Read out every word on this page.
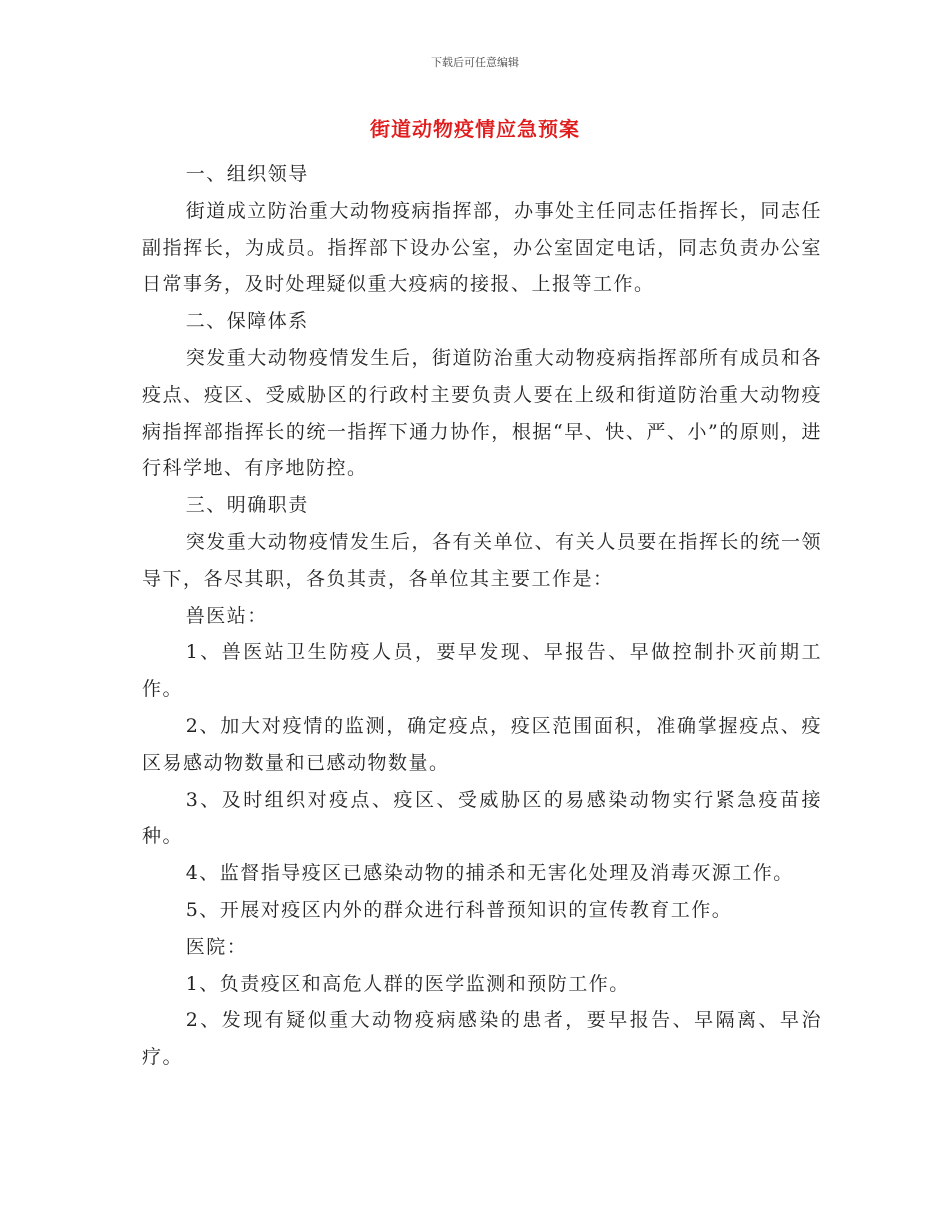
下载后可任意编辑
街道动物疫情应急预案

一、组织领导

街道成立防治重大动物疫病指挥部，办事处主任同志任指挥长，同志任副指挥长，为成员。指挥部下设办公室，办公室固定电话，同志负责办公室日常事务，及时处理疑似重大疫病的接报、上报等工作。

二、保障体系

突发重大动物疫情发生后，街道防治重大动物疫病指挥部所有成员和各疫点、疫区、受威胁区的行政村主要负责人要在上级和街道防治重大动物疫病指挥部指挥长的统一指挥下通力协作，根据“早、快、严、小”的原则，进行科学地、有序地防控。

三、明确职责

突发重大动物疫情发生后，各有关单位、有关人员要在指挥长的统一领导下，各尽其职，各负其责，各单位其主要工作是：

兽医站：

1、兽医站卫生防疫人员，要早发现、早报告、早做控制扑灭前期工作。

2、加大对疫情的监测，确定疫点，疫区范围面积，准确掌握疫点、疫区易感动物数量和已感动物数量。

3、及时组织对疫点、疫区、受威胁区的易感染动物实行紧急疫苗接种。

4、监督指导疫区已感染动物的捕杀和无害化处理及消毒灭源工作。

5、开展对疫区内外的群众进行科普预知识的宣传教育工作。

医院：

1、负责疫区和高危人群的医学监测和预防工作。

2、发现有疑似重大动物疫病感染的患者，要早报告、早隔离、早治疗。
